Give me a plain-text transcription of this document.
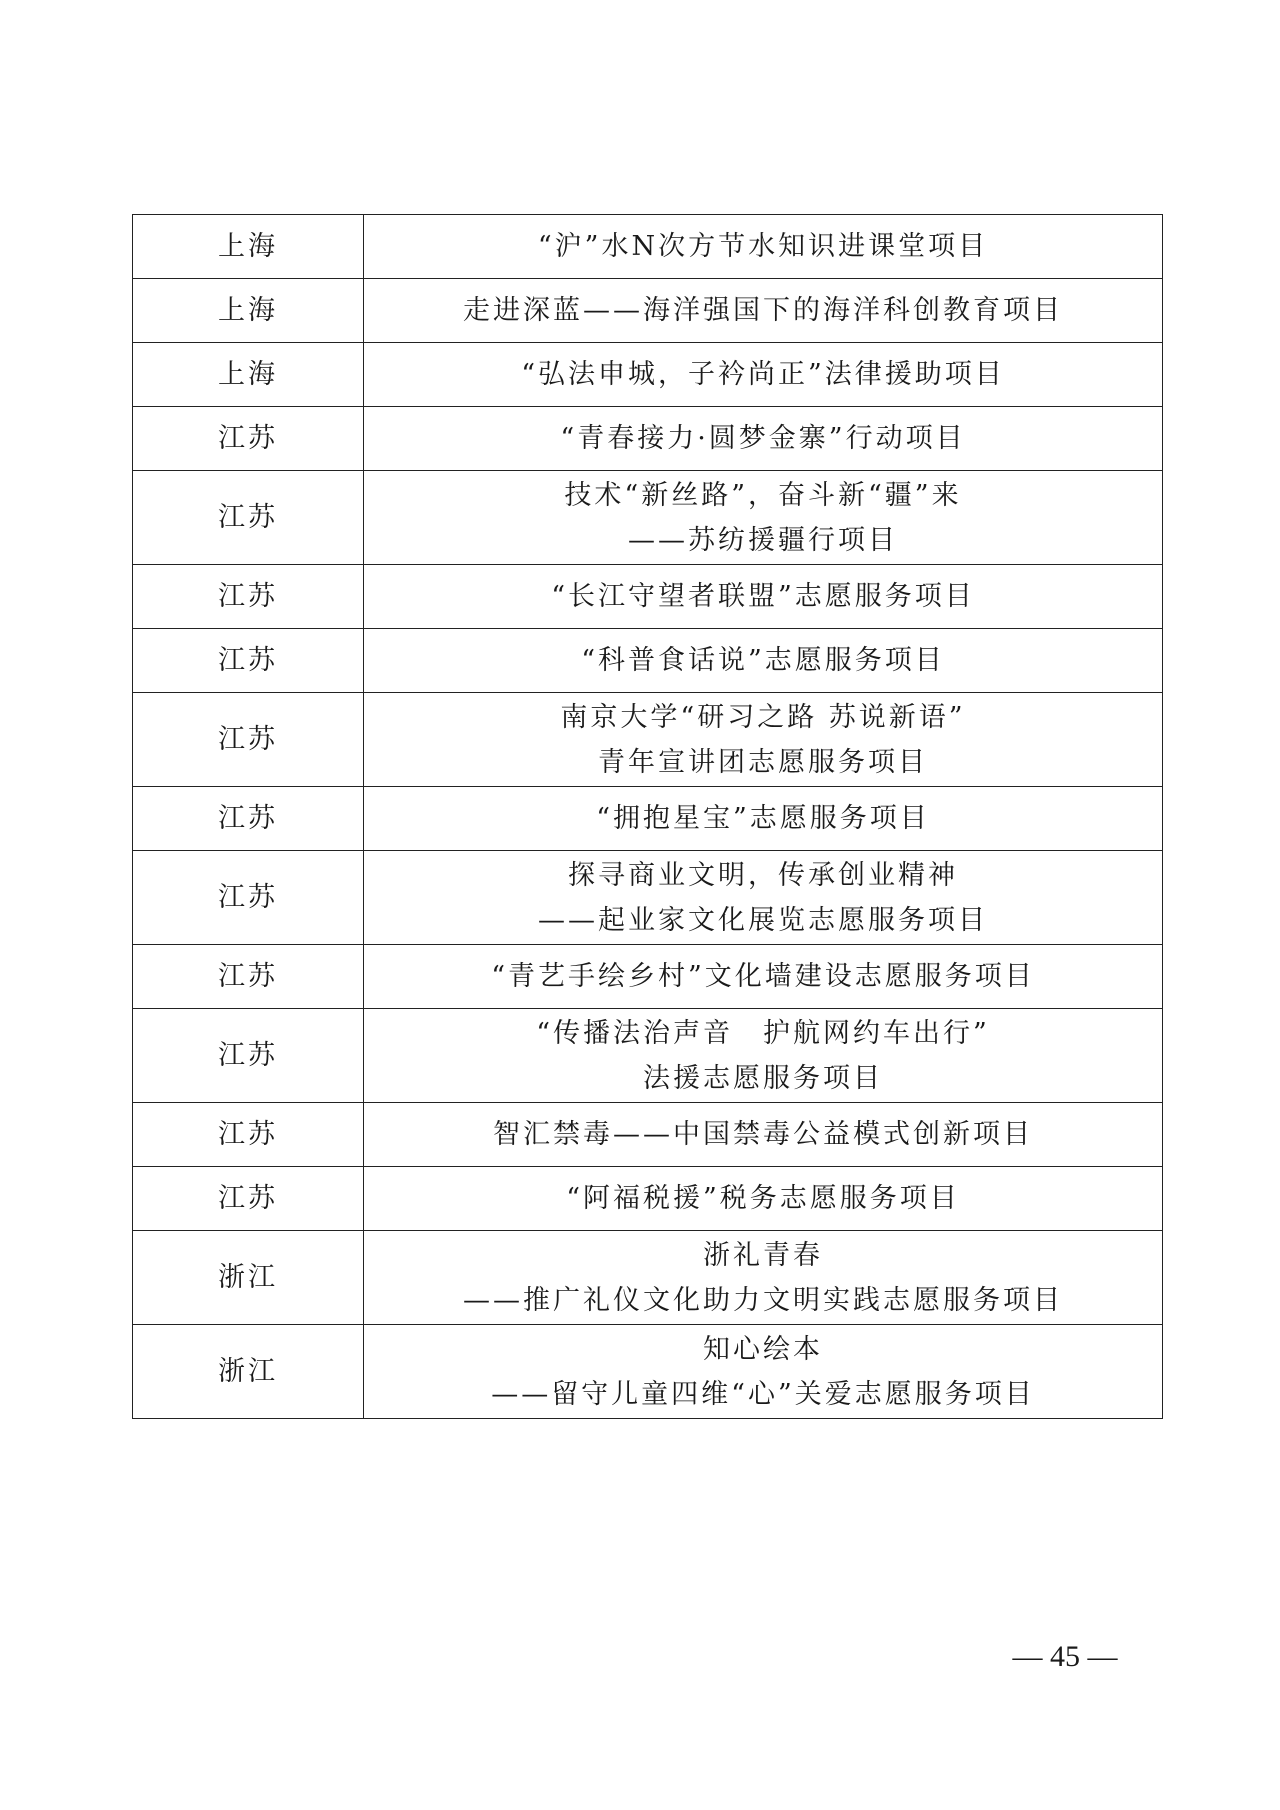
上海	“沪”水N次方节水知识进课堂项目

上海	走进深蓝——海洋强国下的海洋科创教育项目

上海	“弘法申城，子衿尚正”法律援助项目

江苏	“青春接力·圆梦金寨”行动项目

江苏	技术“新丝路”，奋斗新“疆”来
——苏纺援疆行项目

江苏	“长江守望者联盟”志愿服务项目

江苏	“科普食话说”志愿服务项目

江苏	南京大学“研习之路 苏说新语”
青年宣讲团志愿服务项目

江苏	“拥抱星宝”志愿服务项目

江苏	探寻商业文明，传承创业精神
——起业家文化展览志愿服务项目

江苏	“青艺手绘乡村”文化墙建设志愿服务项目

江苏	“传播法治声音　护航网约车出行”
法援志愿服务项目

江苏	智汇禁毒——中国禁毒公益模式创新项目

江苏	“阿福税援”税务志愿服务项目

浙江	浙礼青春
——推广礼仪文化助力文明实践志愿服务项目

浙江	知心绘本
——留守儿童四维“心”关爱志愿服务项目
— 45 —
